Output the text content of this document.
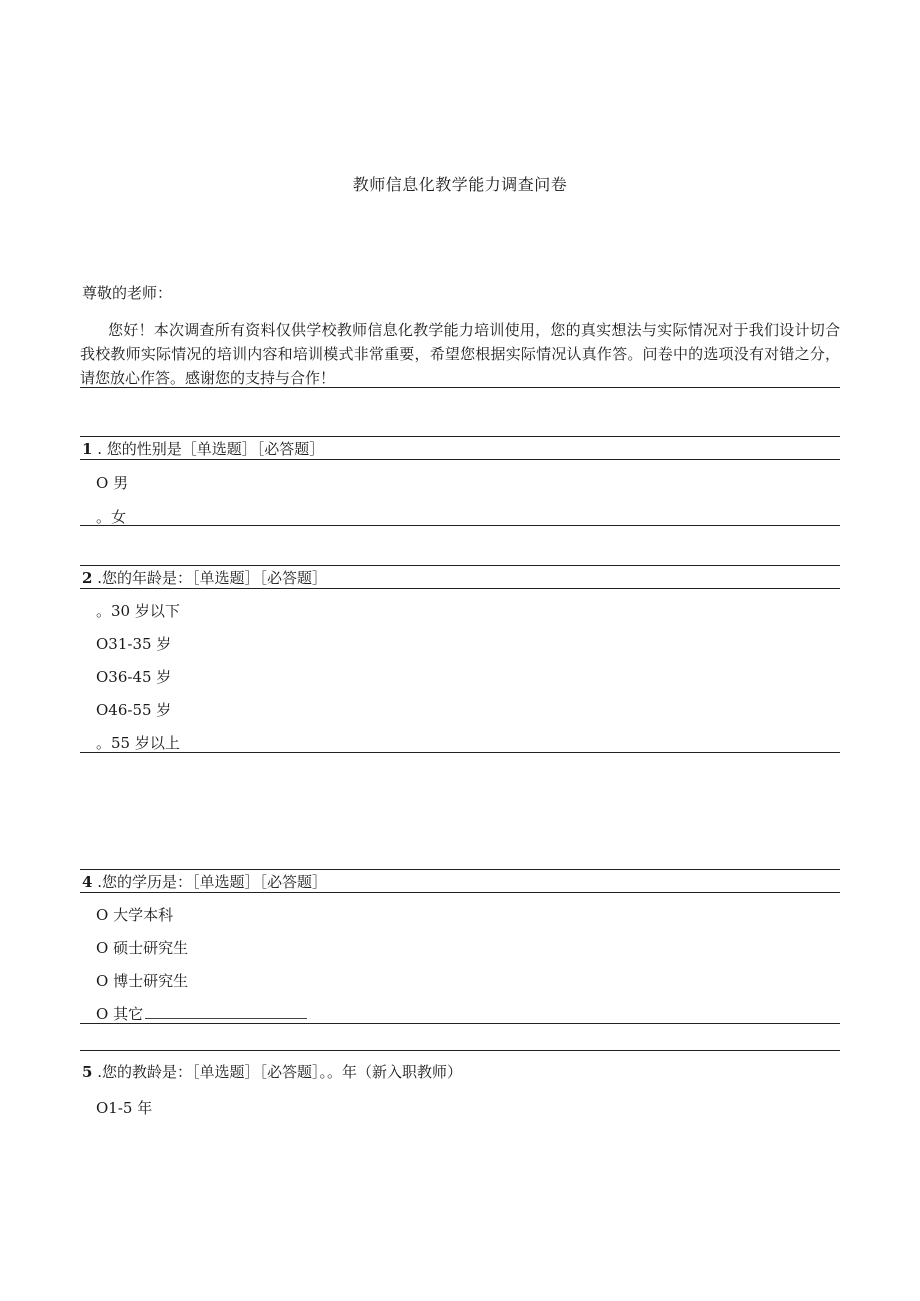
教师信息化教学能力调查问卷
尊敬的老师：
您好！本次调查所有资料仅供学校教师信息化教学能力培训使用，您的真实想法与实际情况对于我们设计切合我校教师实际情况的培训内容和培训模式非常重要，希望您根据实际情况认真作答。问卷中的选项没有对错之分，请您放心作答。感谢您的支持与合作！
1 . 您的性别是［单选题］［必答题］
O 男
。女
2 .您的年龄是：［单选题］［必答题］
。30 岁以下
O31-35 岁
O36-45 岁
O46-55 岁
。55 岁以上
4 .您的学历是：［单选题］［必答题］
O 大学本科
O 硕士研究生
O 博士研究生
O 其它
5 .您的教龄是：［单选题］［必答题］。。年（新入职教师）
O1-5 年
